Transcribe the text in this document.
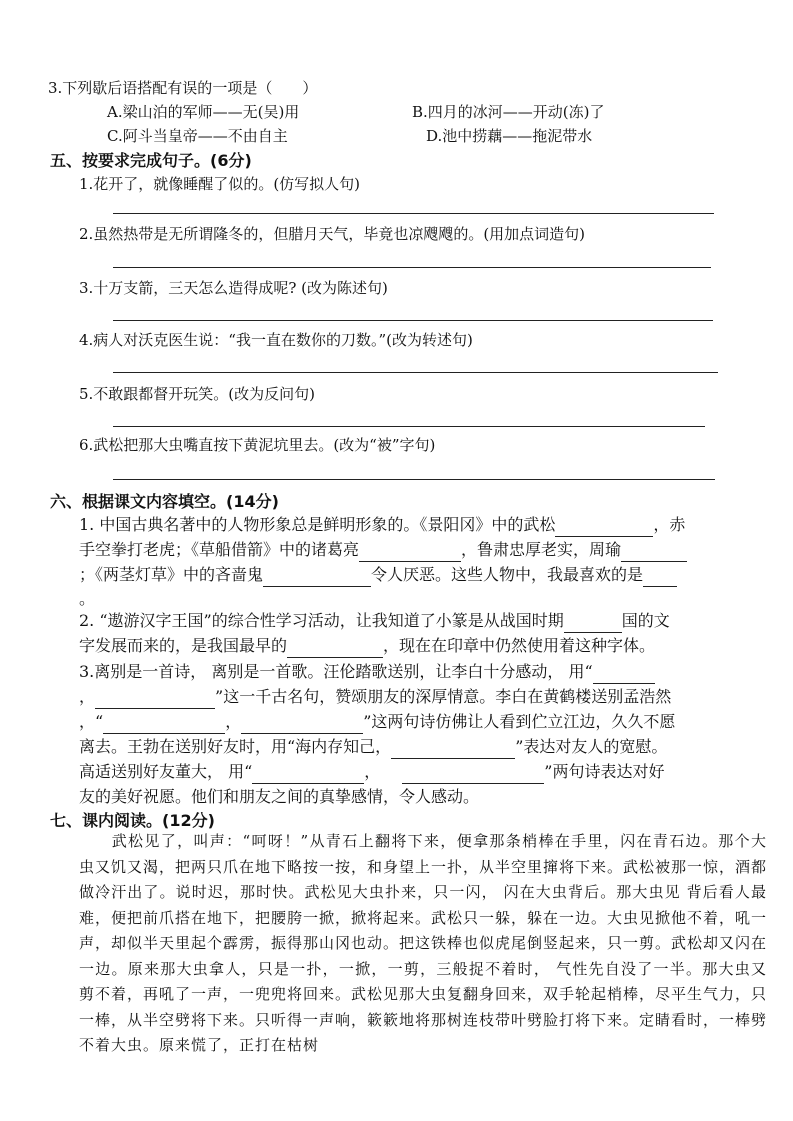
3.下列歇后语搭配有误的一项是（　　）
A.梁山泊的军师——无(吴)用	B.四月的冰河——开动(冻)了
C.阿斗当皇帝——不由自主	D.池中捞藕——拖泥带水
五、按要求完成句子。(6分)
1.花开了，就像睡醒了似的。(仿写拟人句)
2.虽然热带是无所谓隆冬的，但腊月天气，毕竟也凉飕飕的。(用加点词造句)
3.十万支箭，三天怎么造得成呢? (改为陈述句)
4.病人对沃克医生说：“我一直在数你的刀数。”(改为转述句)
5.不敢跟都督开玩笑。(改为反问句)
6.武松把那大虫嘴直按下黄泥坑里去。(改为“被”字句)
六、根据课文内容填空。(14分)
1. 中国古典名著中的人物形象总是鲜明形象的。《景阳冈》中的武松	，赤
手空拳打老虎；《草船借箭》中的诸葛亮	，鲁肃忠厚老实，周瑜
；《两茎灯草》中的吝啬鬼	令人厌恶。这些人物中，我最喜欢的是
。
2. “遨游汉字王国”的综合性学习活动，让我知道了小篆是从战国时期	国的文
字发展而来的，是我国最早的	，现在在印章中仍然使用着这种字体。
3.离别是一首诗， 离别是一首歌。汪伦踏歌送别，让李白十分感动， 用“
，	”这一千古名句，赞颂朋友的深厚情意。李白在黄鹤楼送别孟浩然
，“	，	”这两句诗仿佛让人看到伫立江边，久久不愿
离去。王勃在送别好友时，用“海内存知己，	”表达对友人的宽慰。
高适送别好友董大， 用“	，	”两句诗表达对好
友的美好祝愿。他们和朋友之间的真挚感情，令人感动。
七、课内阅读。(12分)
　　武松见了，叫声：“呵呀！”从青石上翻将下来，便拿那条梢棒在手里，闪在青石边。那个大虫又饥又渴，把两只爪在地下略按一按，和身望上一扑，从半空里撺将下来。武松被那一惊，酒都做冷汗出了。说时迟，那时快。武松见大虫扑来，只一闪， 闪在大虫背后。那大虫见 背后看人最难，便把前爪搭在地下，把腰胯一掀，掀将起来。武松只一躲，躲在一边。大虫见掀他不着，吼一声，却似半天里起个霹雳，振得那山冈也动。把这铁棒也似虎尾倒竖起来，只一剪。武松却又闪在一边。原来那大虫拿人，只是一扑，一掀，一剪，三般捉不着时， 气性先自没了一半。那大虫又剪不着，再吼了一声，一兜兜将回来。武松见那大虫复翻身回来，双手轮起梢棒，尽平生气力，只一棒，从半空劈将下来。只听得一声响，簌簌地将那树连枝带叶劈脸打将下来。定睛看时，一棒劈不着大虫。原来慌了，正打在枯树
